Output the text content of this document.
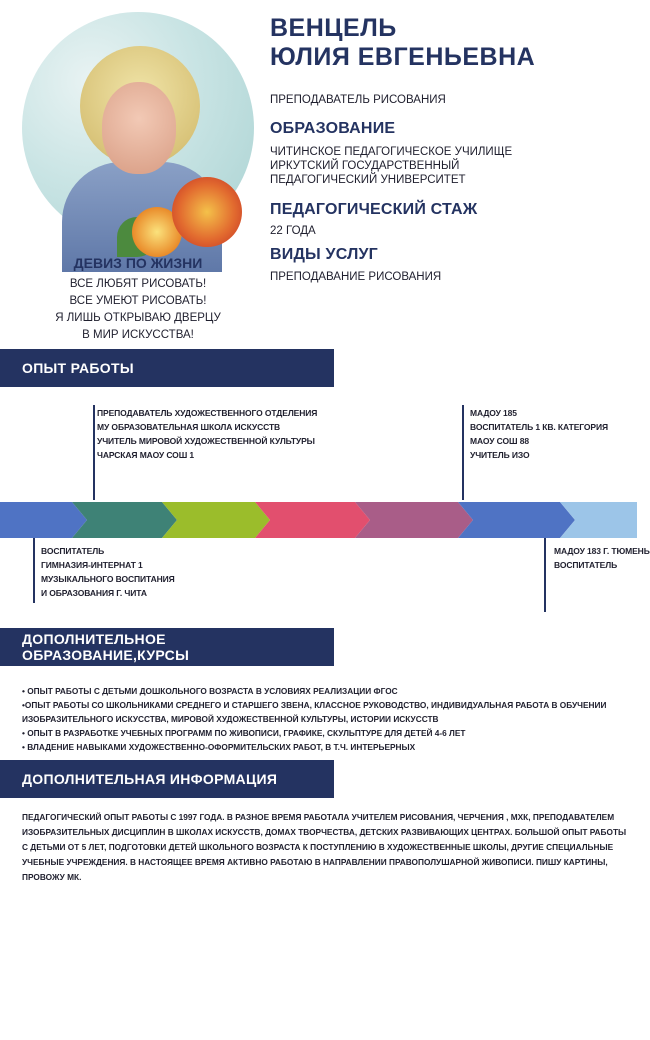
ВЕНЦЕЛЬ
ЮЛИЯ ЕВГЕНЬЕВНА
ПРЕПОДАВАТЕЛЬ РИСОВАНИЯ
ОБРАЗОВАНИЕ
ЧИТИНСКОЕ ПЕДАГОГИЧЕСКОЕ УЧИЛИЩЕ
ИРКУТСКИЙ ГОСУДАРСТВЕННЫЙ
ПЕДАГОГИЧЕСКИЙ УНИВЕРСИТЕТ
ПЕДАГОГИЧЕСКИЙ СТАЖ
22 ГОДА
ВИДЫ УСЛУГ
ПРЕПОДАВАНИЕ РИСОВАНИЯ
ДЕВИЗ ПО ЖИЗНИ
ВСЕ ЛЮБЯТ РИСОВАТЬ!
ВСЕ УМЕЮТ РИСОВАТЬ!
Я ЛИШЬ ОТКРЫВАЮ ДВЕРЦУ
В МИР ИСКУССТВА!
ОПЫТ РАБОТЫ
ПРЕПОДАВАТЕЛЬ ХУДОЖЕСТВЕННОГО ОТДЕЛЕНИЯ
МУ ОБРАЗОВАТЕЛЬНАЯ ШКОЛА ИСКУССТВ
УЧИТЕЛЬ МИРОВОЙ ХУДОЖЕСТВЕННОЙ КУЛЬТУРЫ
ЧАРСКАЯ МАОУ СОШ 1
МАДОУ 185
ВОСПИТАТЕЛЬ 1 КВ. КАТЕГОРИЯ
МАОУ СОШ 88
УЧИТЕЛЬ ИЗО
1997-1998	1998-2004	2004-2009	2010-2011	2011-2015	2016-2018	2019-Н.В.
ВОСПИТАТЕЛЬ
ГИМНАЗИЯ-ИНТЕРНАТ 1
МУЗЫКАЛЬНОГО ВОСПИТАНИЯ
И ОБРАЗОВАНИЯ Г. ЧИТА
МАДОУ 183 Г. ТЮМЕНЬ
ВОСПИТАТЕЛЬ
ДОПОЛНИТЕЛЬНОЕ ОБРАЗОВАНИЕ,КУРСЫ
• ОПЫТ РАБОТЫ С ДЕТЬМИ ДОШКОЛЬНОГО ВОЗРАСТА В УСЛОВИЯХ РЕАЛИЗАЦИИ ФГОС
•ОПЫТ РАБОТЫ СО ШКОЛЬНИКАМИ СРЕДНЕГО И СТАРШЕГО ЗВЕНА, КЛАССНОЕ РУКОВОДСТВО, ИНДИВИДУАЛЬНАЯ РАБОТА В ОБУЧЕНИИ ИЗОБРАЗИТЕЛЬНОГО ИСКУССТВА, МИРОВОЙ ХУДОЖЕСТВЕННОЙ КУЛЬТУРЫ, ИСТОРИИ ИСКУССТВ
• ОПЫТ В РАЗРАБОТКЕ УЧЕБНЫХ ПРОГРАММ ПО ЖИВОПИСИ, ГРАФИКЕ, СКУЛЬПТУРЕ ДЛЯ ДЕТЕЙ 4-6 ЛЕТ
• ВЛАДЕНИЕ НАВЫКАМИ ХУДОЖЕСТВЕННО-ОФОРМИТЕЛЬСКИХ РАБОТ, В Т.Ч. ИНТЕРЬЕРНЫХ
ДОПОЛНИТЕЛЬНАЯ ИНФОРМАЦИЯ
ПЕДАГОГИЧЕСКИЙ ОПЫТ РАБОТЫ С 1997 ГОДА. В РАЗНОЕ ВРЕМЯ РАБОТАЛА УЧИТЕЛЕМ РИСОВАНИЯ, ЧЕРЧЕНИЯ , МХК, ПРЕПОДАВАТЕЛЕМ ИЗОБРАЗИТЕЛЬНЫХ ДИСЦИПЛИН В ШКОЛАХ ИСКУССТВ, ДОМАХ ТВОРЧЕСТВА, ДЕТСКИХ РАЗВИВАЮЩИХ ЦЕНТРАХ. БОЛЬШОЙ ОПЫТ РАБОТЫ С ДЕТЬМИ ОТ 5 ЛЕТ, ПОДГОТОВКИ ДЕТЕЙ ШКОЛЬНОГО ВОЗРАСТА К ПОСТУПЛЕНИЮ В ХУДОЖЕСТВЕННЫЕ ШКОЛЫ, ДРУГИЕ СПЕЦИАЛЬНЫЕ УЧЕБНЫЕ УЧРЕЖДЕНИЯ. В НАСТОЯЩЕЕ ВРЕМЯ АКТИВНО РАБОТАЮ В НАПРАВЛЕНИИ ПРАВОПОЛУШАРНОЙ ЖИВОПИСИ. ПИШУ КАРТИНЫ, ПРОВОЖУ МК.
